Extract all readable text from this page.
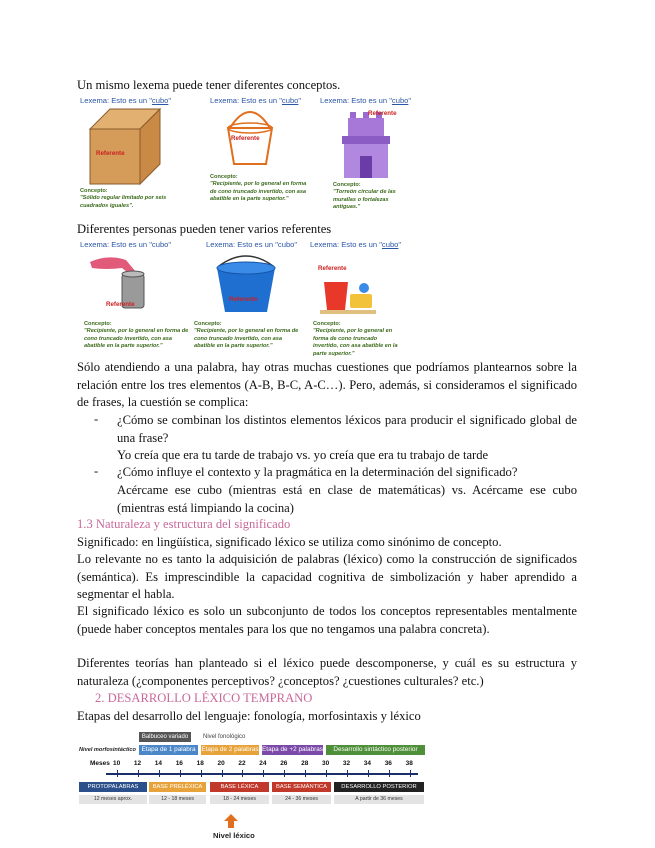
Un mismo lexema puede tener diferentes conceptos.

Lexema: Esto es un "cubo"
Referente
Concepto:
"Sólido regular limitado por seis cuadrados iguales".
Lexema: Esto es un "cubo"
Referente
Concepto:
"Recipiente, por lo general en forma de cono truncado invertido, con asa abatible en la parte superior."
Lexema: Esto es un "cubo"
Referente
Concepto:
"Torreón circular de las murallas o fortalezas antiguas."

Diferentes personas pueden tener varios referentes

Lexema: Esto es un "cubo"
Referente
Concepto:
"Recipiente, por lo general en forma de cono truncado invertido, con asa abatible en la parte superior."
Lexema: Esto es un "cubo"
Referente
Concepto:
"Recipiente, por lo general en forma de cono truncado invertido, con asa abatible en la parte superior."
Lexema: Esto es un "cubo"
Referente
Concepto:
"Recipiente, por lo general en forma de cono truncado invertido, con asa abatible en la parte superior."

Sólo atendiendo a una palabra, hay otras muchas cuestiones que podríamos plantearnos sobre la relación entre los tres elementos (A-B, B-C, A-C…). Pero, además, si consideramos el significado de frases, la cuestión se complica:

- ¿Cómo se combinan los distintos elementos léxicos para producir el significado global de una frase?

Yo creía que era tu tarde de trabajo vs. yo creía que era tu trabajo de tarde

- ¿Cómo influye el contexto y la pragmática en la determinación del significado?

Acércame ese cubo (mientras está en clase de matemáticas) vs. Acércame ese cubo (mientras está limpiando la cocina)

1.3 Naturaleza y estructura del significado

Significado: en lingüística, significado léxico se utiliza como sinónimo de concepto.

Lo relevante no es tanto la adquisición de palabras (léxico) como la construcción de significados (semántica). Es imprescindible la capacidad cognitiva de simbolización y haber aprendido a segmentar el habla.

El significado léxico es solo un subconjunto de todos los conceptos representables mentalmente (puede haber conceptos mentales para los que no tengamos una palabra concreta).

Diferentes teorías han planteado si el léxico puede descomponerse, y cuál es su estructura y naturaleza (¿componentes perceptivos? ¿conceptos? ¿cuestiones culturales? etc.)

2. DESARROLLO LÉXICO TEMPRANO

Etapas del desarrollo del lenguaje: fonología, morfosintaxis y léxico

Balbuceo variado	Nivel fonológico
Nivel morfosintáctico Etapa de 1 palabra Etapa de 2 palabras Etapa de +2 palabras	Desarrollo sintáctico posterior
Meses 10 12 14 16 18 20 22 24 26 28 30 32 34 36 38
PROTOPALABRAS	BASE PRELÉXICA	BASE LÉXICA	BASE SEMÁNTICA	DESARROLLO POSTERIOR
12 meses aprox.	12 - 18 meses	18 - 24 meses	24 - 36 meses	A partir de 36 meses
Nivel léxico
